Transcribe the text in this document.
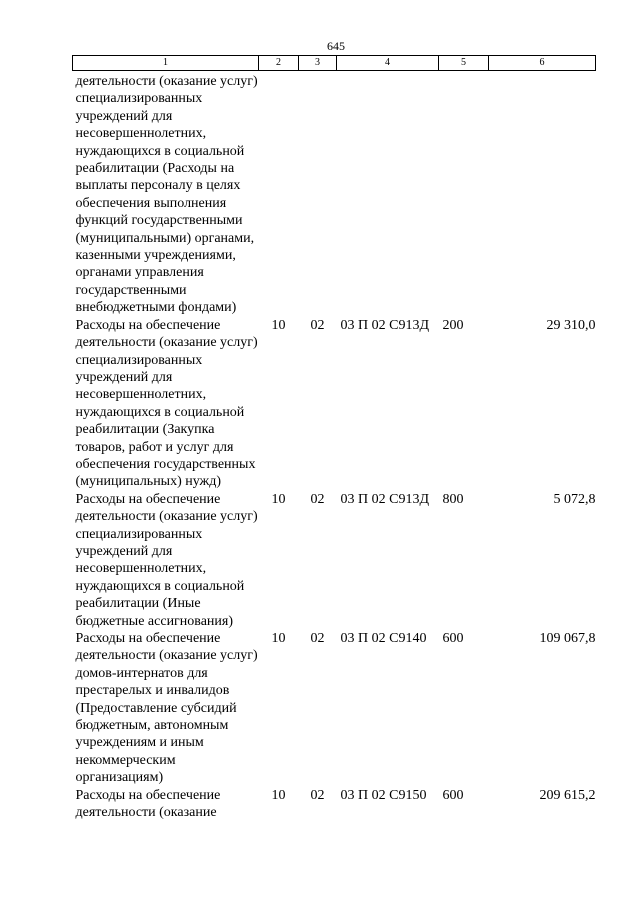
645
1	2	3	4	5	6

деятельности (оказание услуг) специализированных учреждений для несовершеннолетних, нуждающихся в социальной реабилитации (Расходы на выплаты персоналу в целях обеспечения выполнения функций государственными (муниципальными) органами, казенными учреждениями, органами управления государственными внебюджетными фондами)					
Расходы на обеспечение деятельности (оказание услуг) специализированных учреждений для несовершеннолетних, нуждающихся в социальной реабилитации (Закупка товаров, работ и услуг для обеспечения государственных (муниципальных) нужд)	10	02	03 П 02 С913Д	200	29 310,0
Расходы на обеспечение деятельности (оказание услуг) специализированных учреждений для несовершеннолетних, нуждающихся в социальной реабилитации (Иные бюджетные ассигнования)	10	02	03 П 02 С913Д	800	5 072,8
Расходы на обеспечение деятельности (оказание услуг) домов-интернатов для престарелых и инвалидов (Предоставление субсидий бюджетным, автономным учреждениям и иным некоммерческим организациям)	10	02	03 П 02 С9140	600	109 067,8
Расходы на обеспечение деятельности (оказание	10	02	03 П 02 С9150	600	209 615,2
